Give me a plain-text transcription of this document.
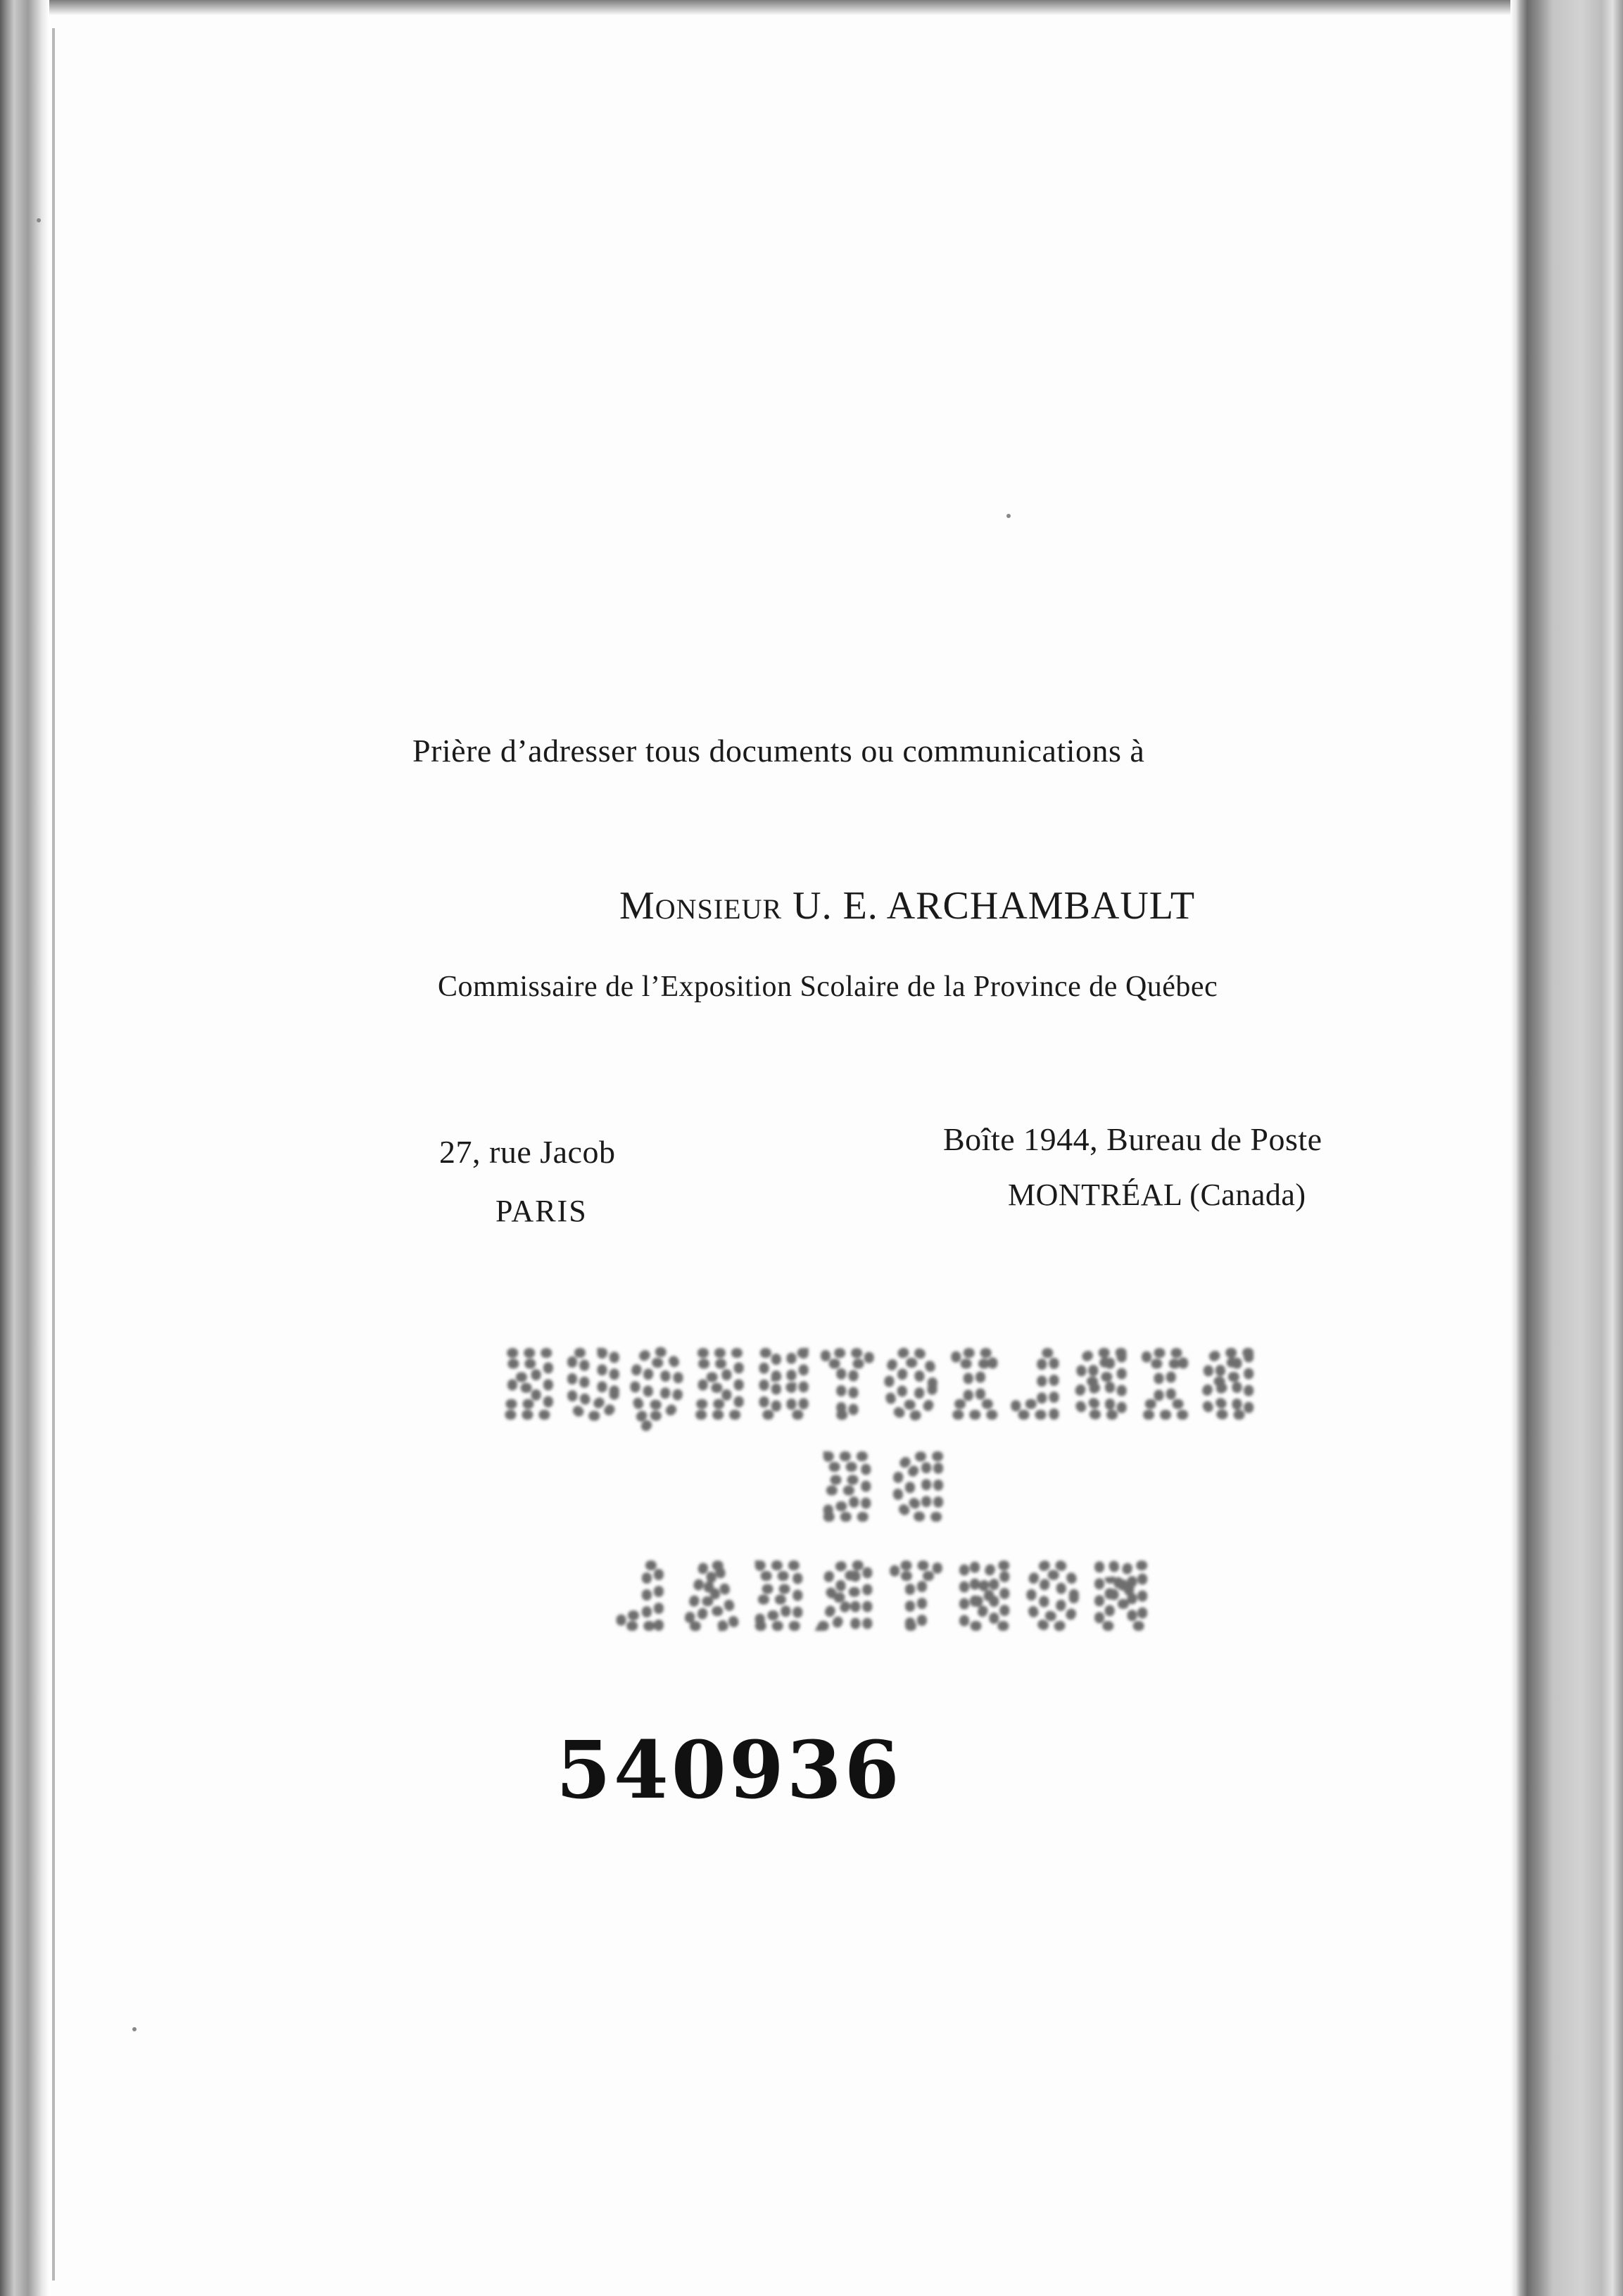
Prière d’adresser tous documents ou communications à
MONSIEUR U. E. ARCHAMBAULT
Commissaire de l’Exposition Scolaire de la Province de Québec
27, rue Jacob
PARIS
Boîte 1944, Bureau de Poste
MONTRÉAL (Canada)
BIBLIOTHEQUE
DE
MONTREAL
540936
